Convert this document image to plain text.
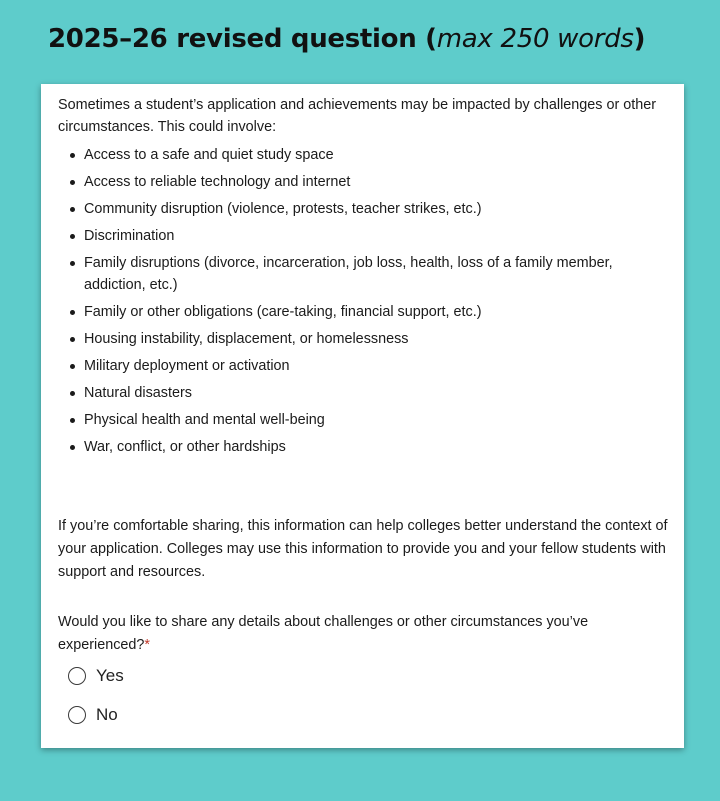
2025–26 revised question (max 250 words)

Sometimes a student’s application and achievements may be impacted by challenges or other circumstances. This could involve:

Access to a safe and quiet study space
Access to reliable technology and internet
Community disruption (violence, protests, teacher strikes, etc.)
Discrimination
Family disruptions (divorce, incarceration, job loss, health, loss of a family member, addiction, etc.)
Family or other obligations (care-taking, financial support, etc.)
Housing instability, displacement, or homelessness
Military deployment or activation
Natural disasters
Physical health and mental well-being
War, conflict, or other hardships

If you’re comfortable sharing, this information can help colleges better understand the context of your application. Colleges may use this information to provide you and your fellow students with support and resources.

Would you like to share any details about challenges or other circumstances you’ve experienced?*

Yes
No
